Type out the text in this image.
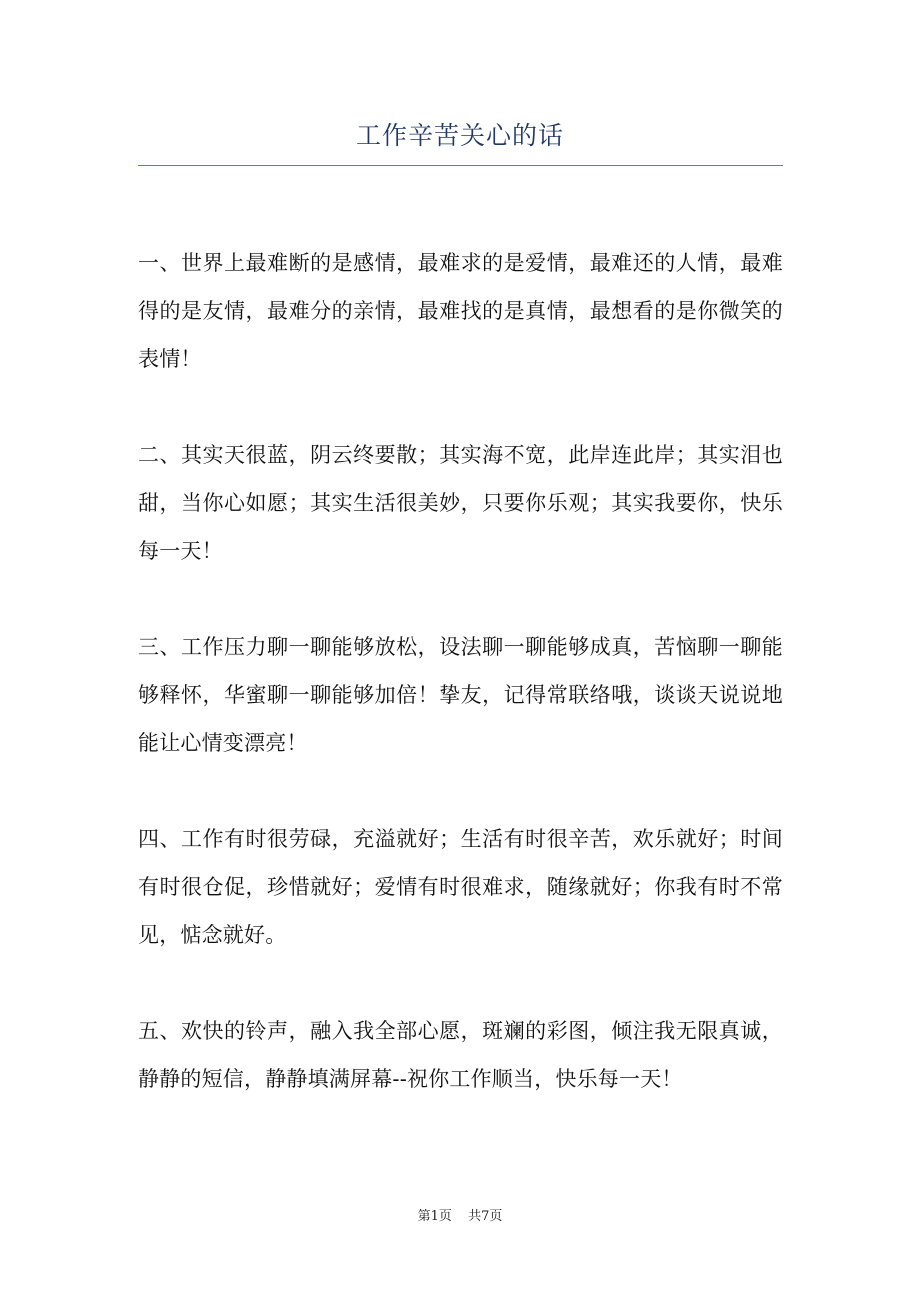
工作辛苦关心的话

一、世界上最难断的是感情，最难求的是爱情，最难还的人情，最难得的是友情，最难分的亲情，最难找的是真情，最想看的是你微笑的表情！

二、其实天很蓝，阴云终要散；其实海不宽，此岸连此岸；其实泪也甜，当你心如愿；其实生活很美妙，只要你乐观；其实我要你，快乐每一天！

三、工作压力聊一聊能够放松，设法聊一聊能够成真，苦恼聊一聊能够释怀，华蜜聊一聊能够加倍！挚友，记得常联络哦，谈谈天说说地能让心情变漂亮！

四、工作有时很劳碌，充溢就好；生活有时很辛苦，欢乐就好；时间有时很仓促，珍惜就好；爱情有时很难求，随缘就好；你我有时不常见，惦念就好。

五、欢快的铃声，融入我全部心愿，斑斓的彩图，倾注我无限真诚，静静的短信，静静填满屏幕--祝你工作顺当，快乐每一天！

第1页 共7页
